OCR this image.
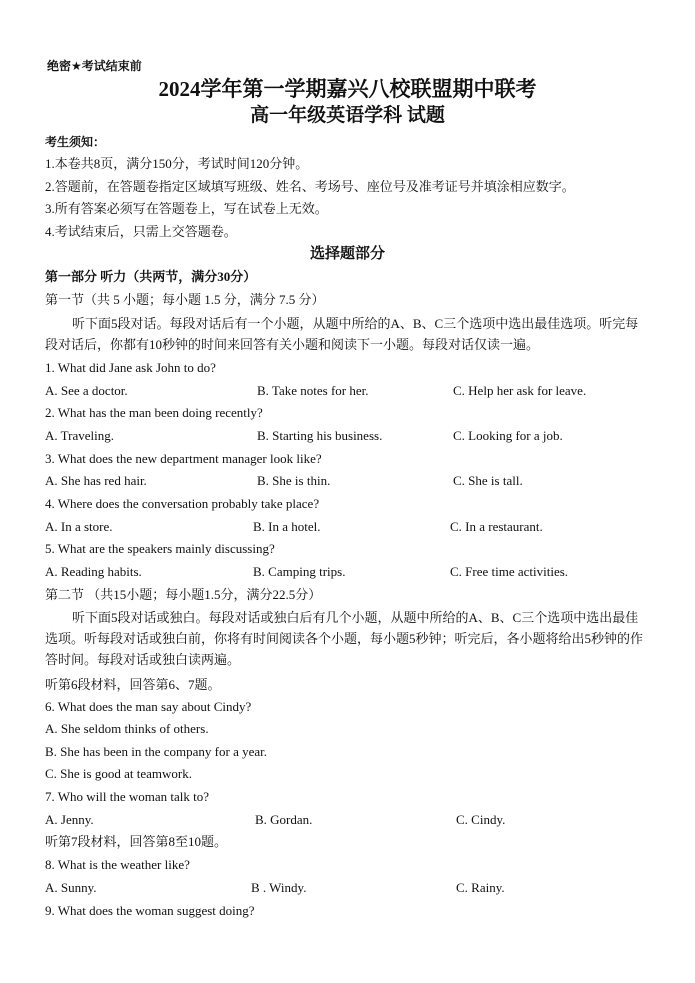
绝密★考试结束前
2024学年第一学期嘉兴八校联盟期中联考
高一年级英语学科 试题
考生须知：
1.本卷共8页，满分150分，考试时间120分钟。
2.答题前，在答题卷指定区域填写班级、姓名、考场号、座位号及准考证号并填涂相应数字。
3.所有答案必须写在答题卷上，写在试卷上无效。
4.考试结束后，只需上交答题卷。
选择题部分
第一部分 听力（共两节，满分30分）
第一节（共 5 小题；每小题 1.5 分，满分 7.5 分）
听下面5段对话。每段对话后有一个小题，从题中所给的A、B、C三个选项中选出最佳选项。听完每段对话后，你都有10秒钟的时间来回答有关小题和阅读下一小题。每段对话仅读一遍。
1. What did Jane ask John to do?
A. See a doctor.	B. Take notes for her.	C. Help her ask for leave.
2. What has the man been doing recently?
A. Traveling.	B. Starting his business.	C. Looking for a job.
3. What does the new department manager look like?
A. She has red hair.	B. She is thin.	C. She is tall.
4. Where does the conversation probably take place?
A. In a store.	B. In a hotel.	C. In a restaurant.
5. What are the speakers mainly discussing?
A. Reading habits.	B. Camping trips.	C. Free time activities.
第二节 （共15小题；每小题1.5分，满分22.5分）
听下面5段对话或独白。每段对话或独白后有几个小题，从题中所给的A、B、C三个选项中选出最佳选项。听每段对话或独白前，你将有时间阅读各个小题，每小题5秒钟；听完后，各小题将给出5秒钟的作答时间。每段对话或独白读两遍。
听第6段材料，回答第6、7题。
6. What does the man say about Cindy?
A. She seldom thinks of others.
B. She has been in the company for a year.
C. She is good at teamwork.
7. Who will the woman talk to?
A. Jenny.	B. Gordan.	C. Cindy.
听第7段材料，回答第8至10题。
8. What is the weather like?
A. Sunny.	B . Windy.	C. Rainy.
9. What does the woman suggest doing?
